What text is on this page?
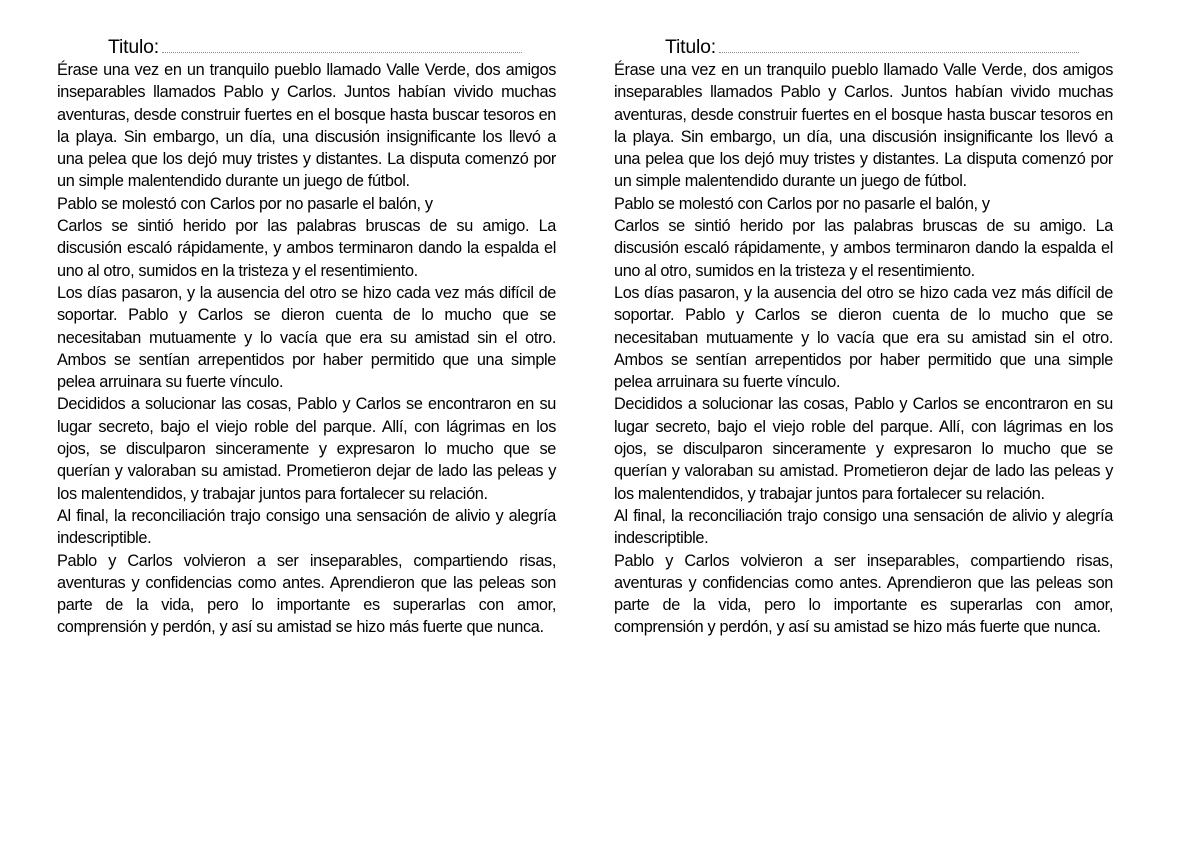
Titulo:

Érase una vez en un tranquilo pueblo llamado Valle Verde, dos amigos inseparables llamados Pablo y Carlos. Juntos habían vivido muchas aventuras, desde construir fuertes en el bosque hasta buscar tesoros en la playa. Sin embargo, un día, una discusión insignificante los llevó a una pelea que los dejó muy tristes y distantes. La disputa comenzó por un simple malentendido durante un juego de fútbol.

Pablo se molestó con Carlos por no pasarle el balón, y

Carlos se sintió herido por las palabras bruscas de su amigo. La discusión escaló rápidamente, y ambos terminaron dando la espalda el uno al otro, sumidos en la tristeza y el resentimiento.

Los días pasaron, y la ausencia del otro se hizo cada vez más difícil de soportar. Pablo y Carlos se dieron cuenta de lo mucho que se necesitaban mutuamente y lo vacía que era su amistad sin el otro. Ambos se sentían arrepentidos por haber permitido que una simple pelea arruinara su fuerte vínculo.

Decididos a solucionar las cosas, Pablo y Carlos se encontraron en su lugar secreto, bajo el viejo roble del parque. Allí, con lágrimas en los ojos, se disculparon sinceramente y expresaron lo mucho que se querían y valoraban su amistad. Prometieron dejar de lado las peleas y los malentendidos, y trabajar juntos para fortalecer su relación.

Al final, la reconciliación trajo consigo una sensación de alivio y alegría indescriptible.

Pablo y Carlos volvieron a ser inseparables, compartiendo risas, aventuras y confidencias como antes. Aprendieron que las peleas son parte de la vida, pero lo importante es superarlas con amor, comprensión y perdón, y así su amistad se hizo más fuerte que nunca.

Titulo:

Érase una vez en un tranquilo pueblo llamado Valle Verde, dos amigos inseparables llamados Pablo y Carlos. Juntos habían vivido muchas aventuras, desde construir fuertes en el bosque hasta buscar tesoros en la playa. Sin embargo, un día, una discusión insignificante los llevó a una pelea que los dejó muy tristes y distantes. La disputa comenzó por un simple malentendido durante un juego de fútbol.

Pablo se molestó con Carlos por no pasarle el balón, y

Carlos se sintió herido por las palabras bruscas de su amigo. La discusión escaló rápidamente, y ambos terminaron dando la espalda el uno al otro, sumidos en la tristeza y el resentimiento.

Los días pasaron, y la ausencia del otro se hizo cada vez más difícil de soportar. Pablo y Carlos se dieron cuenta de lo mucho que se necesitaban mutuamente y lo vacía que era su amistad sin el otro. Ambos se sentían arrepentidos por haber permitido que una simple pelea arruinara su fuerte vínculo.

Decididos a solucionar las cosas, Pablo y Carlos se encontraron en su lugar secreto, bajo el viejo roble del parque. Allí, con lágrimas en los ojos, se disculparon sinceramente y expresaron lo mucho que se querían y valoraban su amistad. Prometieron dejar de lado las peleas y los malentendidos, y trabajar juntos para fortalecer su relación.

Al final, la reconciliación trajo consigo una sensación de alivio y alegría indescriptible.

Pablo y Carlos volvieron a ser inseparables, compartiendo risas, aventuras y confidencias como antes. Aprendieron que las peleas son parte de la vida, pero lo importante es superarlas con amor, comprensión y perdón, y así su amistad se hizo más fuerte que nunca.
